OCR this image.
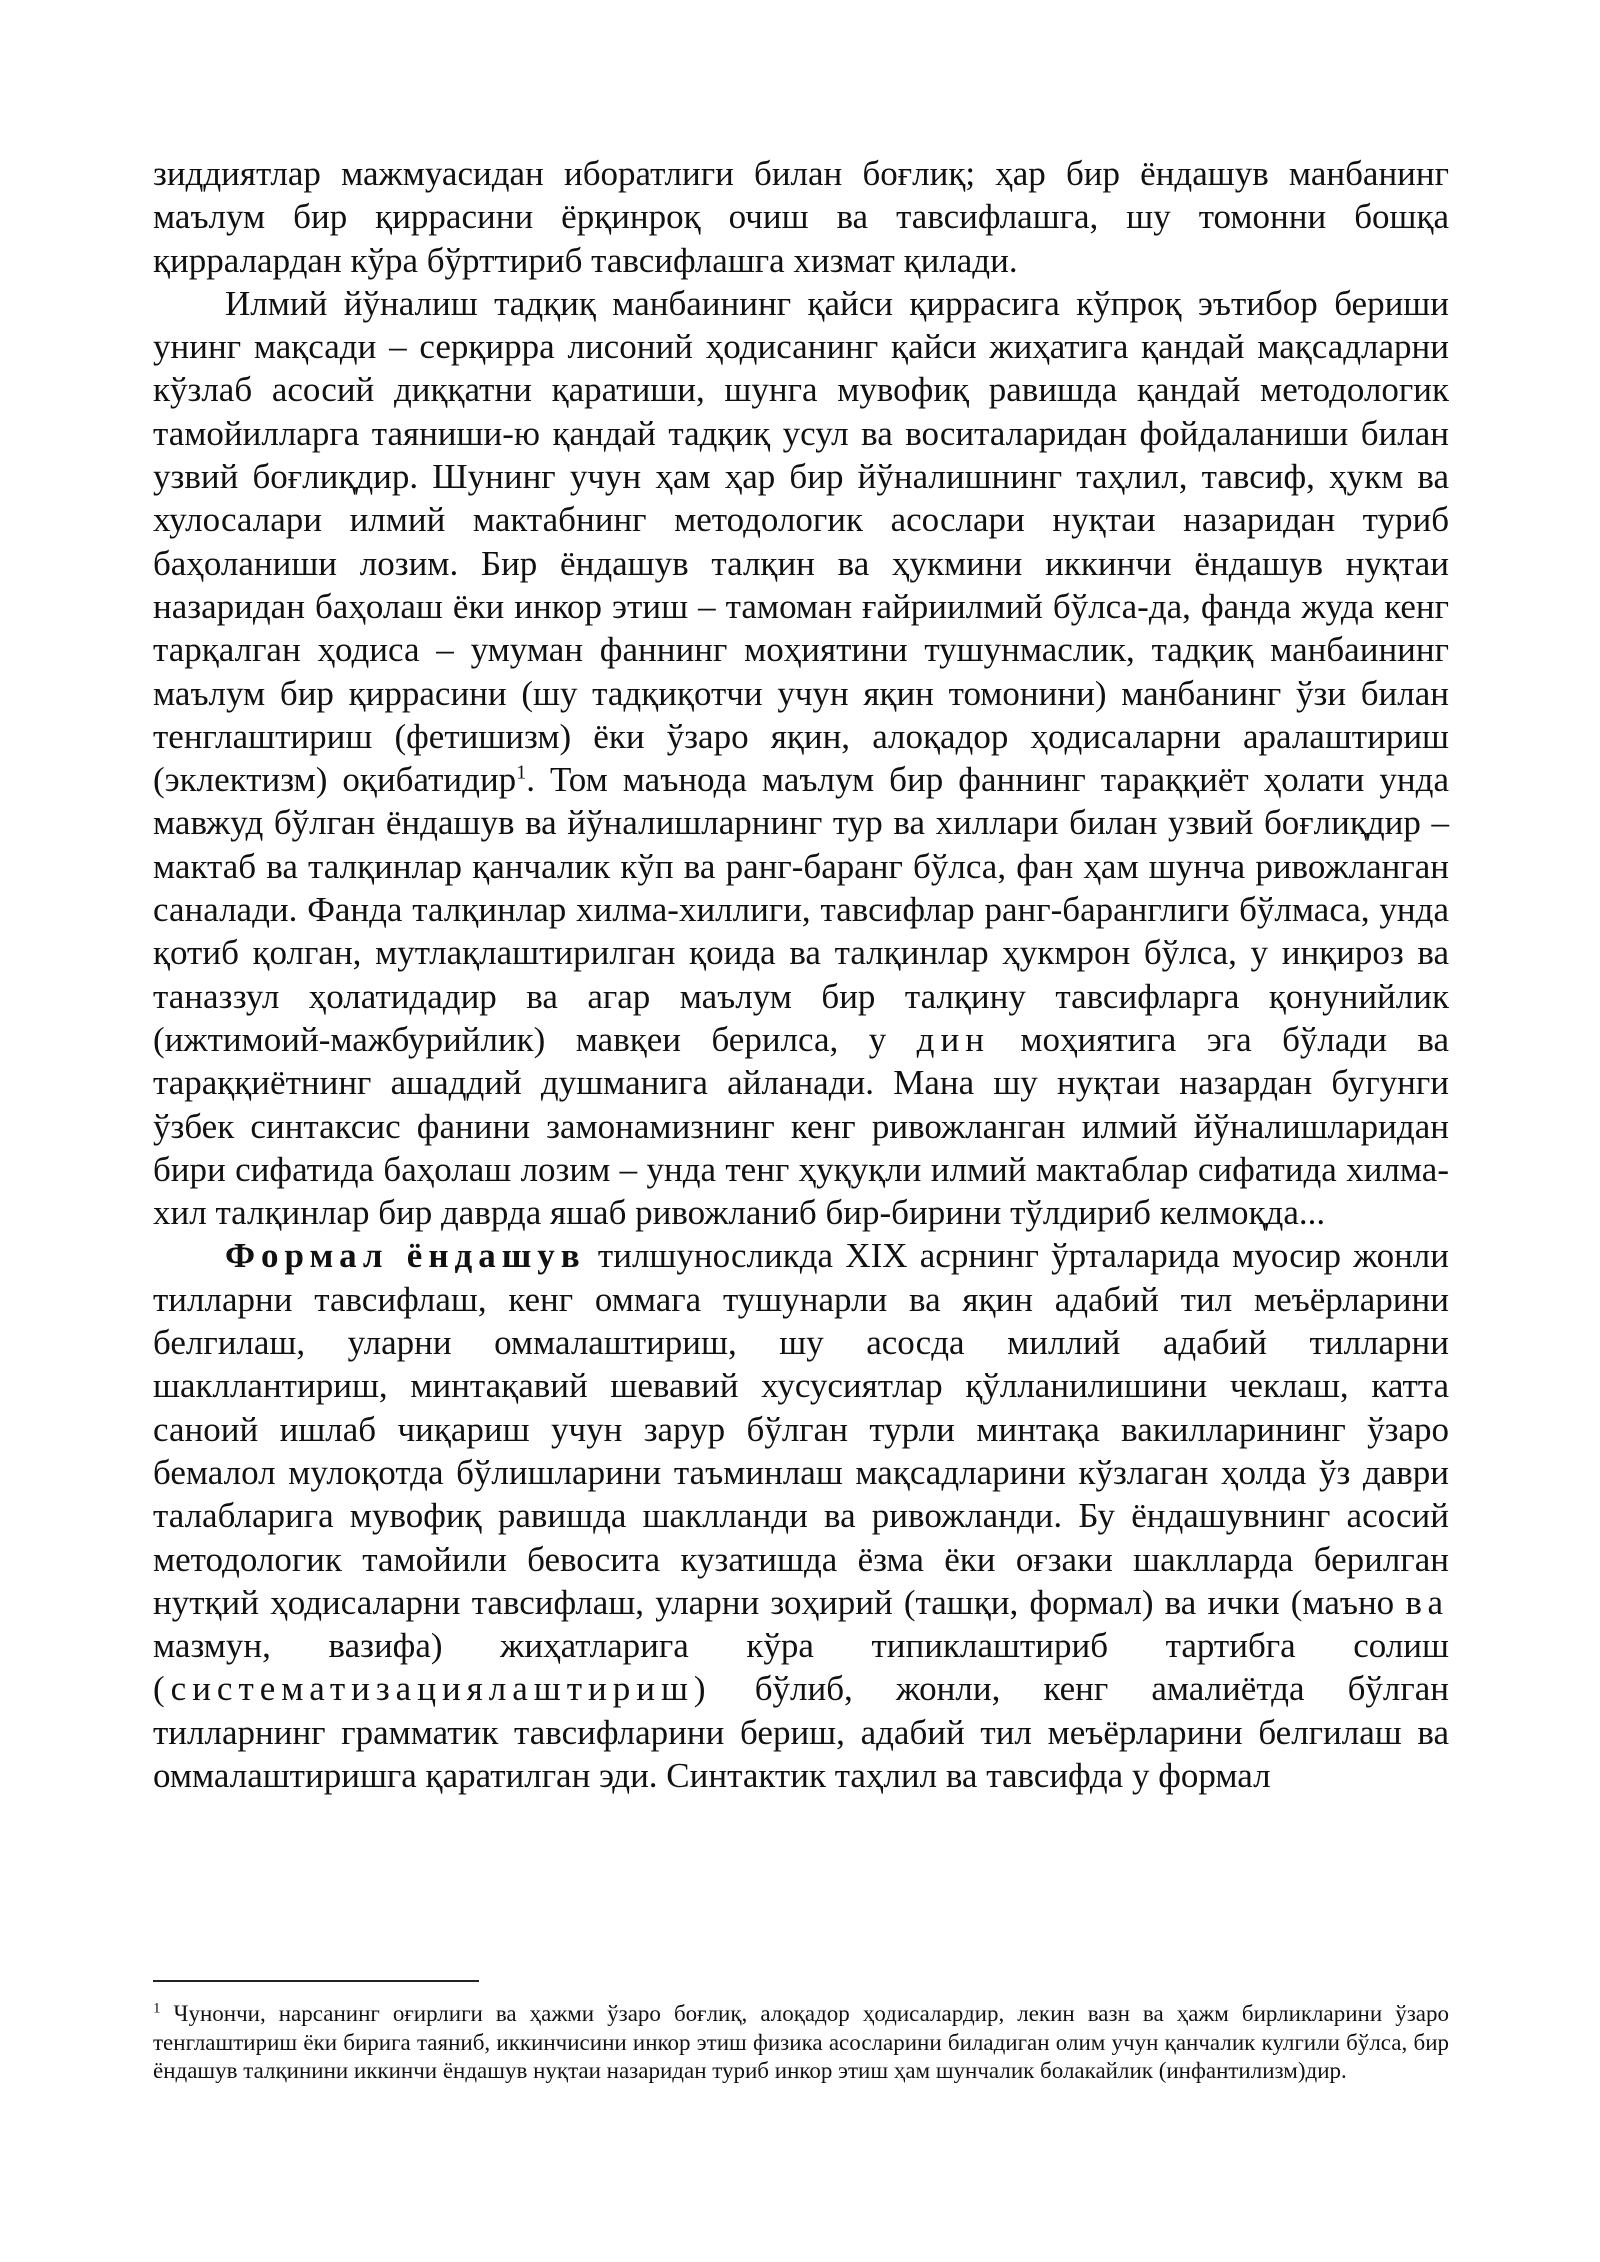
зиддиятлар мажмуасидан иборатлиги билан боғлиқ; ҳар бир ёндашув манбанинг маълум бир қиррасини ёрқинроқ очиш ва тавсифлашга, шу томонни бошқа қирралардан кўра бўрттириб тавсифлашга хизмат қилади.

Илмий йўналиш тадқиқ манбаининг қайси қиррасига кўпроқ эътибор бериши унинг мақсади – серқирра лисоний ҳодисанинг қайси жиҳатига қандай мақсадларни кўзлаб асосий диққатни қаратиши, шунга мувофиқ равишда қандай методологик тамойилларга таяниши-ю қандай тадқиқ усул ва воситаларидан фойдаланиши билан узвий боғлиқдир. Шунинг учун ҳам ҳар бир йўналишнинг таҳлил, тавсиф, ҳукм ва хулосалари илмий мактабнинг методологик асослари нуқтаи назаридан туриб баҳоланиши лозим. Бир ёндашув талқин ва ҳукмини иккинчи ёндашув нуқтаи назаридан баҳолаш ёки инкор этиш – тамоман ғайриилмий бўлса-да, фанда жуда кенг тарқалган ҳодиса – умуман фаннинг моҳиятини тушунмаслик, тадқиқ манбаининг маълум бир қиррасини (шу тадқиқотчи учун яқин томонини) манбанинг ўзи билан тенглаштириш (фетишизм) ёки ўзаро яқин, алоқадор ҳодисаларни аралаштириш (эклектизм) оқибатидир$^1$. Том маънода маълум бир фаннинг тараққиёт ҳолати унда мавжуд бўлган ёндашув ва йўналишларнинг тур ва хиллари билан узвий боғлиқдир – мактаб ва талқинлар қанчалик кўп ва ранг-баранг бўлса, фан ҳам шунча ривожланган саналади. Фанда талқинлар хилма-хиллиги, тавсифлар ранг-баранглиги бўлмаса, унда қотиб қолган, мутлақлаштирилган қоида ва талқинлар ҳукмрон бўлса, у инқироз ва таназзул ҳолатидадир ва агар маълум бир талқину тавсифларга қонунийлик (ижтимоий-мажбурийлик) мавқеи берилса, у дин моҳиятига эга бўлади ва тараққиётнинг ашаддий душманига айланади. Мана шу нуқтаи назардан бугунги ўзбек синтаксис фанини замонамизнинг кенг ривожланган илмий йўналишларидан бири сифатида баҳолаш лозим – унда тенг ҳуқуқли илмий мактаблар сифатида хилма-хил талқинлар бир даврда яшаб ривожланиб бир-бирини тўлдириб келмоқда...

Формал ёндашув тилшуносликда XIX асрнинг ўрталарида муосир жонли тилларни тавсифлаш, кенг оммага тушунарли ва яқин адабий тил меъёрларини белгилаш, уларни оммалаштириш, шу асосда миллий адабий тилларни шакллантириш, минтақавий шевавий хусусиятлар қўлланилишини чеклаш, катта саноий ишлаб чиқариш учун зарур бўлган турли минтақа вакилларининг ўзаро бемалол мулоқотда бўлишларини таъминлаш мақсадларини кўзлаган ҳолда ўз даври талабларига мувофиқ равишда шаклланди ва ривожланди. Бу ёндашувнинг асосий методологик тамойили бевосита кузатишда ёзма ёки оғзаки шаклларда берилган нутқий ҳодисаларни тавсифлаш, уларни зоҳирий (ташқи, формал) ва ички (маъно ва мазмун, вазифа) жиҳатларига кўра типиклаштириб тартибга солиш (систематизациялаштириш) бўлиб, жонли, кенг амалиётда бўлган тилларнинг грамматик тавсифларини бериш, адабий тил меъёрларини белгилаш ва оммалаштиришга қаратилган эди. Синтактик таҳлил ва тавсифда у формал

$^1$ Чунончи, нарсанинг оғирлиги ва ҳажми ўзаро боғлиқ, алоқадор ҳодисалардир, лекин вазн ва ҳажм бирликларини ўзаро тенглаштириш ёки бирига таяниб, иккинчисини инкор этиш физика асосларини биладиган олим учун қанчалик кулгили бўлса, бир ёндашув талқинини иккинчи ёндашув нуқтаи назаридан туриб инкор этиш ҳам шунчалик болакайлик (инфантилизм)дир.
